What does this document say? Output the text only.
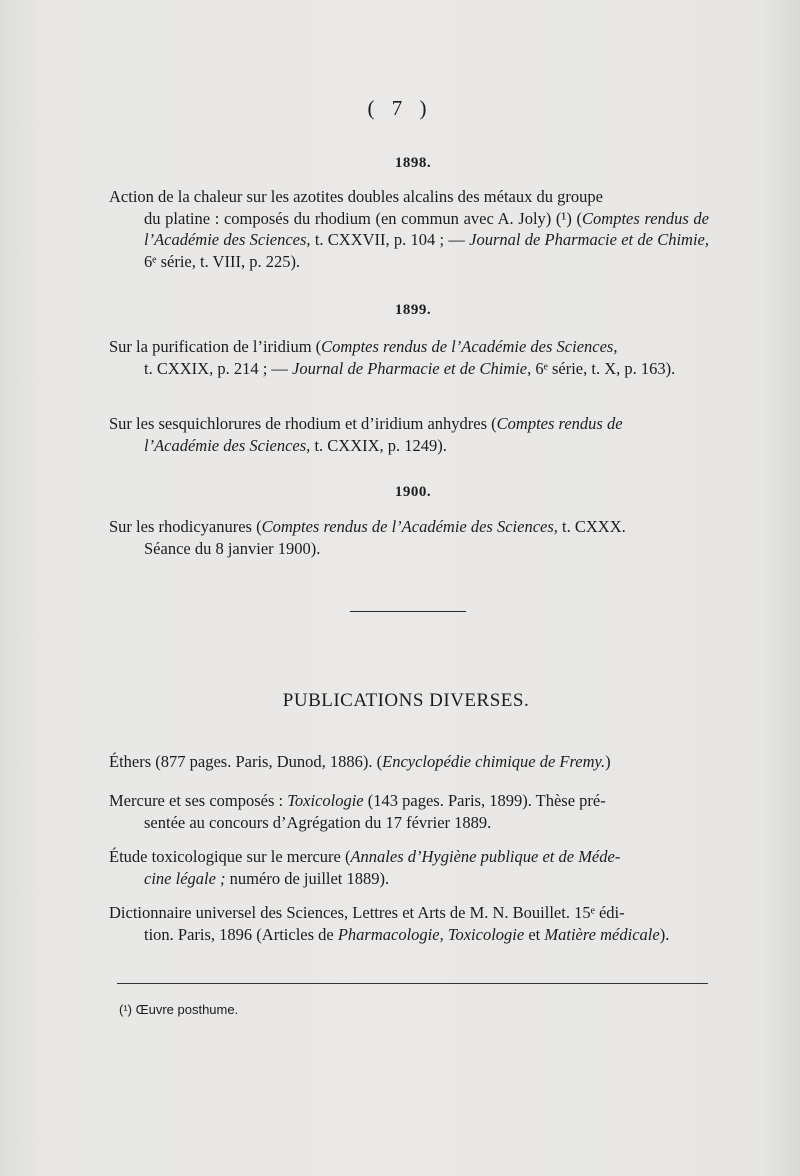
( 7 )
1898.
Action de la chaleur sur les azotites doubles alcalins des métaux du groupe
du platine : composés du rhodium (en commun avec A. Joly) (¹) (Comptes rendus de l’Académie des Sciences, t. CXXVII, p. 104 ; — Journal de Pharmacie et de Chimie, 6ᵉ série, t. VIII, p. 225).
1899.
Sur la purification de l’iridium (Comptes rendus de l’Académie des Sciences,
t. CXXIX, p. 214 ; — Journal de Pharmacie et de Chimie, 6ᵉ série, t. X, p. 163).
Sur les sesquichlorures de rhodium et d’iridium anhydres (Comptes rendus de
l’Académie des Sciences, t. CXXIX, p. 1249).
1900.
Sur les rhodicyanures (Comptes rendus de l’Académie des Sciences, t. CXXX.
Séance du 8 janvier 1900).
PUBLICATIONS DIVERSES.
Éthers (877 pages. Paris, Dunod, 1886). (Encyclopédie chimique de Fremy.)
Mercure et ses composés : Toxicologie (143 pages. Paris, 1899). Thèse pré-
sentée au concours d’Agrégation du 17 février 1889.
Étude toxicologique sur le mercure (Annales d’Hygiène publique et de Méde-
cine légale ; numéro de juillet 1889).
Dictionnaire universel des Sciences, Lettres et Arts de M. N. Bouillet. 15ᵉ édi-
tion. Paris, 1896 (Articles de Pharmacologie, Toxicologie et Matière médicale).
(¹) Œuvre posthume.
